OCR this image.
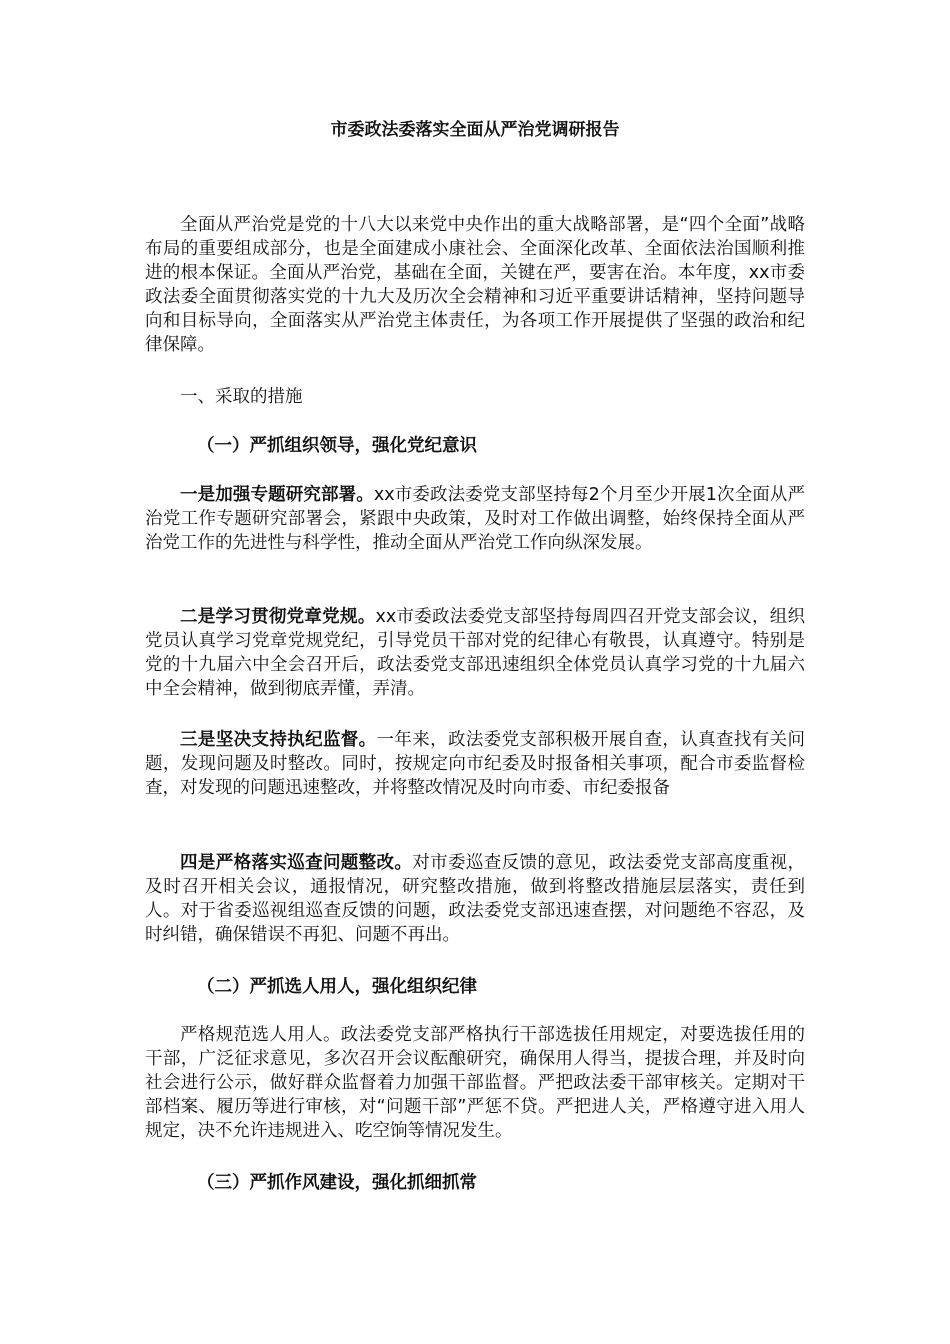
市委政法委落实全面从严治党调研报告

全面从严治党是党的十八大以来党中央作出的重大战略部署，是“四个全面”战略布局的重要组成部分，也是全面建成小康社会、全面深化改革、全面依法治国顺利推进的根本保证。全面从严治党，基础在全面，关键在严，要害在治。本年度，xx市委政法委全面贯彻落实党的十九大及历次全会精神和习近平重要讲话精神，坚持问题导向和目标导向，全面落实从严治党主体责任，为各项工作开展提供了坚强的政治和纪律保障。

一、采取的措施

（一）严抓组织领导，强化党纪意识

一是加强专题研究部署。xx市委政法委党支部坚持每2个月至少开展1次全面从严治党工作专题研究部署会，紧跟中央政策，及时对工作做出调整，始终保持全面从严治党工作的先进性与科学性，推动全面从严治党工作向纵深发展。

二是学习贯彻党章党规。xx市委政法委党支部坚持每周四召开党支部会议，组织党员认真学习党章党规党纪，引导党员干部对党的纪律心有敬畏，认真遵守。特别是党的十九届六中全会召开后，政法委党支部迅速组织全体党员认真学习党的十九届六中全会精神，做到彻底弄懂，弄清。

三是坚决支持执纪监督。一年来，政法委党支部积极开展自查，认真查找有关问题，发现问题及时整改。同时，按规定向市纪委及时报备相关事项，配合市委监督检查，对发现的问题迅速整改，并将整改情况及时向市委、市纪委报备

四是严格落实巡查问题整改。对市委巡查反馈的意见，政法委党支部高度重视，及时召开相关会议，通报情况，研究整改措施，做到将整改措施层层落实，责任到人。对于省委巡视组巡查反馈的问题，政法委党支部迅速查摆，对问题绝不容忍，及时纠错，确保错误不再犯、问题不再出。

（二）严抓选人用人，强化组织纪律

严格规范选人用人。政法委党支部严格执行干部选拔任用规定，对要选拔任用的干部，广泛征求意见，多次召开会议酝酿研究，确保用人得当，提拔合理，并及时向社会进行公示，做好群众监督着力加强干部监督。严把政法委干部审核关。定期对干部档案、履历等进行审核，对“问题干部”严惩不贷。严把进人关，严格遵守进入用人规定，决不允许违规进入、吃空饷等情况发生。

（三）严抓作风建设，强化抓细抓常
